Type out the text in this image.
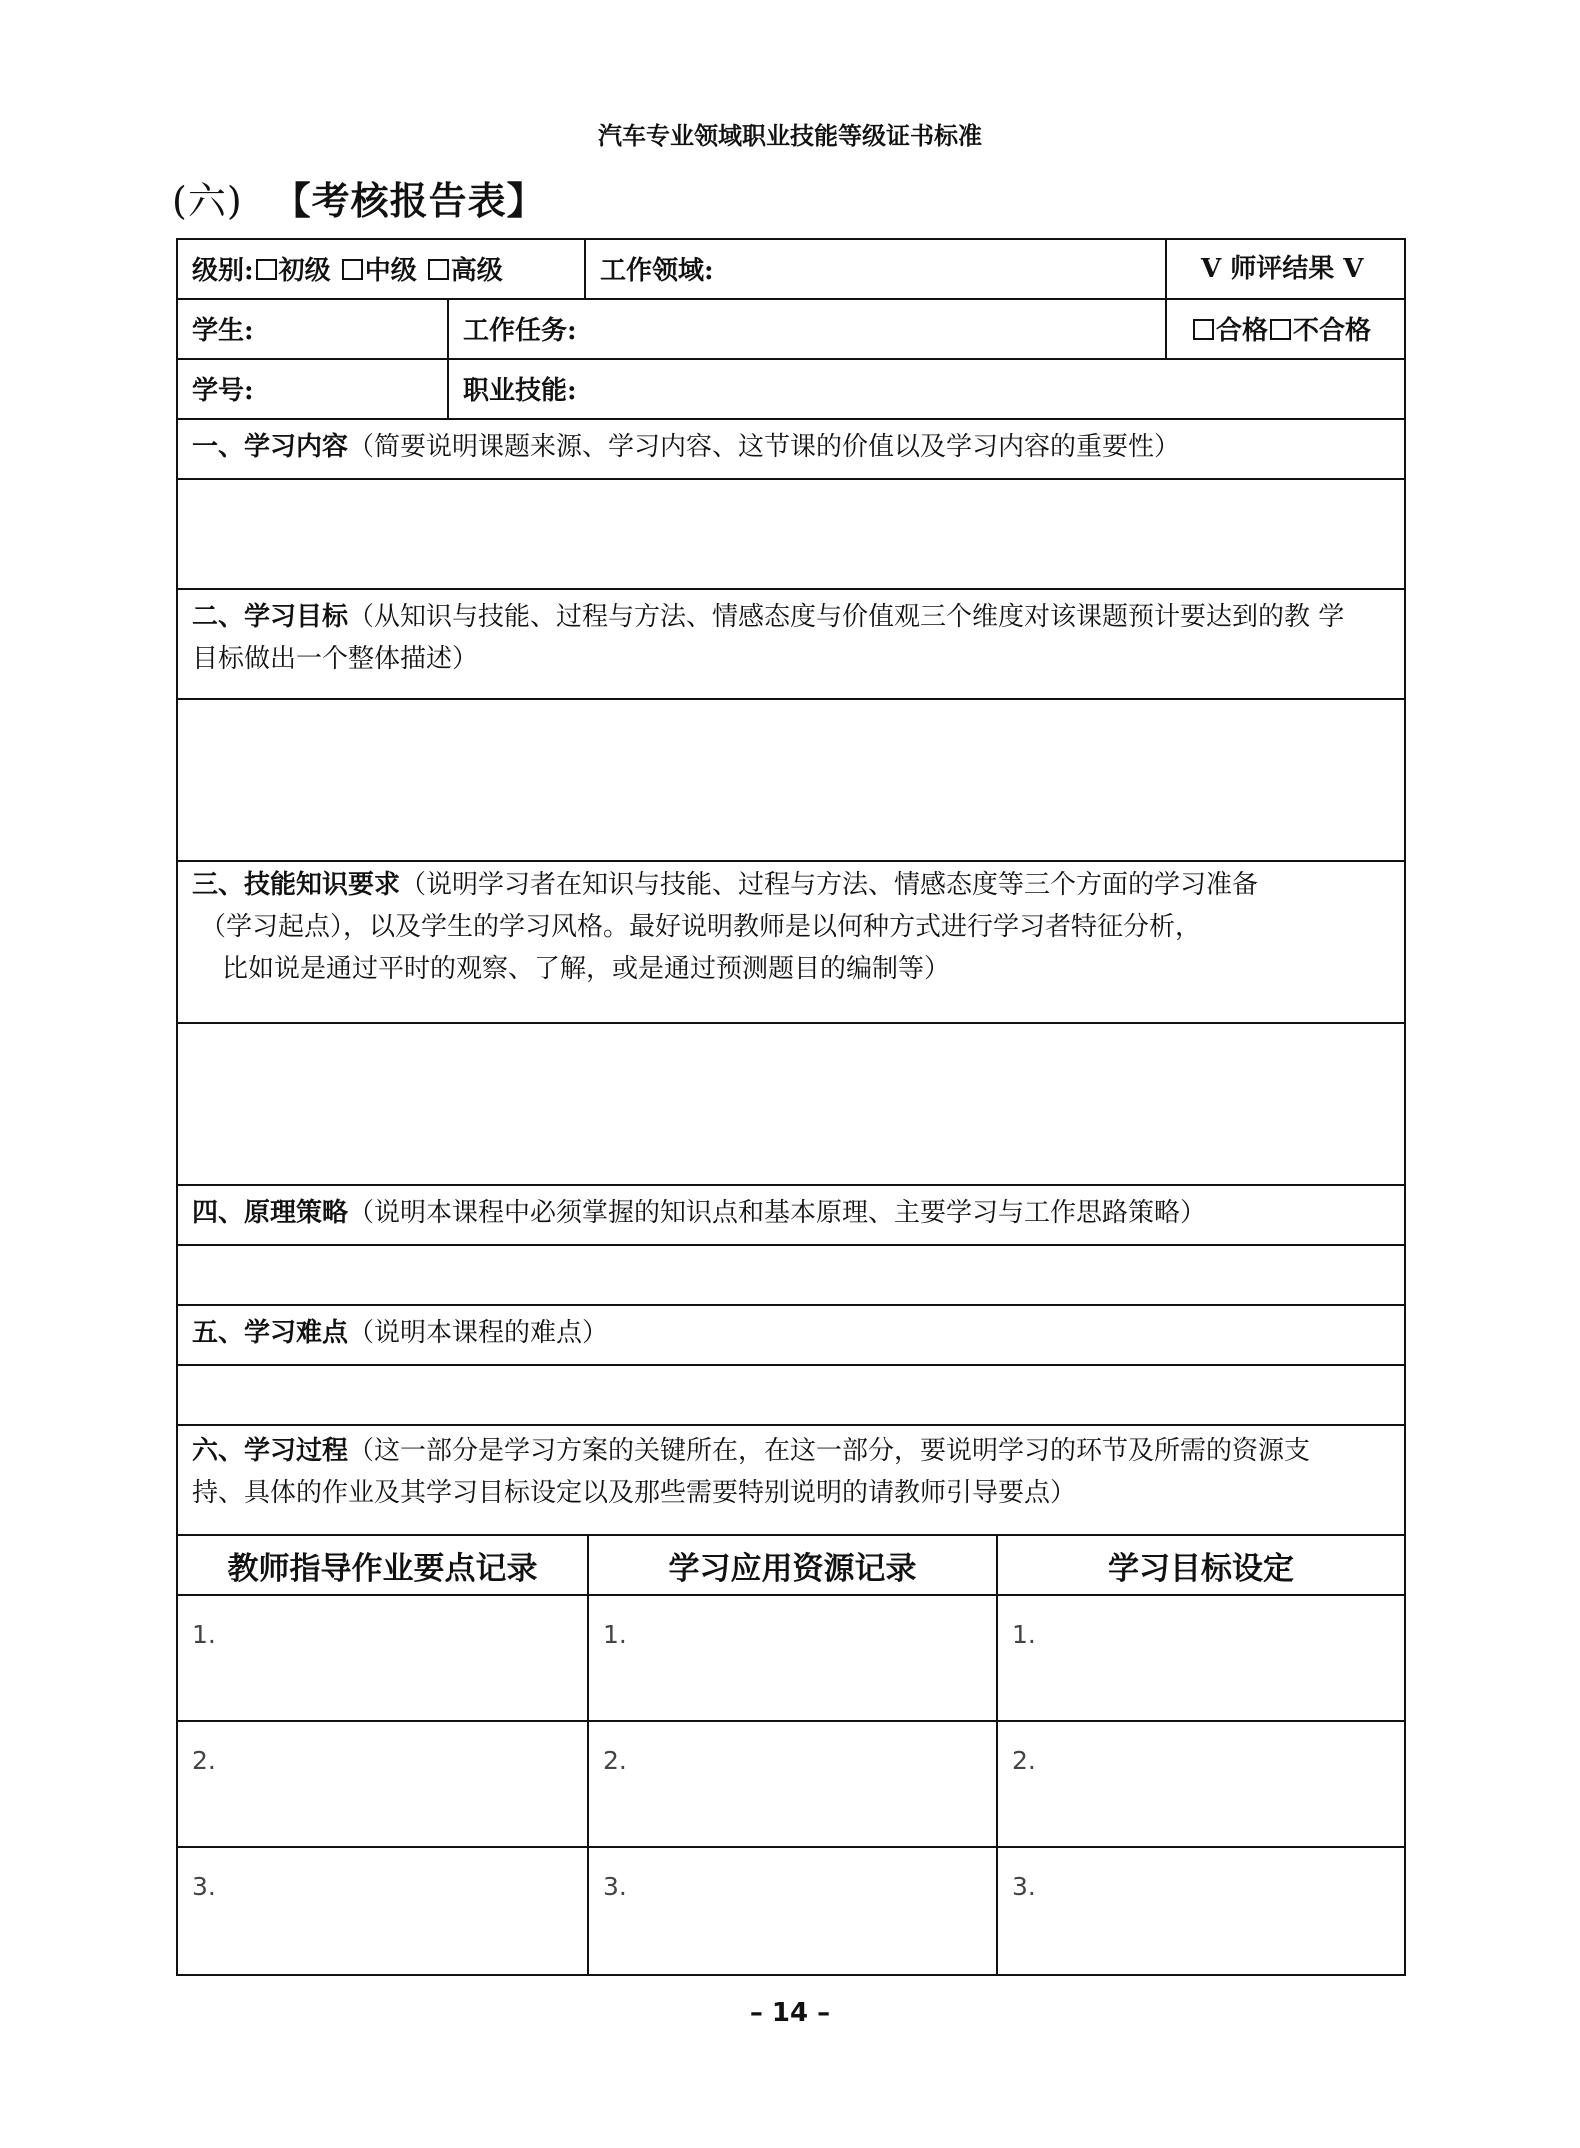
汽车专业领域职业技能等级证书标准
(六) 【考核报告表】
级别: 初级 中级 高级	工作领域:	V 师评结果 V
学生:	工作任务:	合格 不合格
学号:	职业技能:
一、学习内容（简要说明课题来源、学习内容、这节课的价值以及学习内容的重要性）
二、学习目标（从知识与技能、过程与方法、情感态度与价值观三个维度对该课题预计要达到的教 学
目标做出一个整体描述）
三、技能知识要求（说明学习者在知识与技能、过程与方法、情感态度等三个方面的学习准备
（学习起点），以及学生的学习风格。最好说明教师是以何种方式进行学习者特征分析，
比如说是通过平时的观察、了解，或是通过预测题目的编制等）
四、原理策略（说明本课程中必须掌握的知识点和基本原理、主要学习与工作思路策略）
五、学习难点（说明本课程的难点）
六、学习过程（这一部分是学习方案的关键所在，在这一部分，要说明学习的环节及所需的资源支
持、具体的作业及其学习目标设定以及那些需要特别说明的请教师引导要点）
教师指导作业要点记录	学习应用资源记录	学习目标设定
1.	1.	1.
2.	2.	2.
3.	3.	3.
– 14 –
